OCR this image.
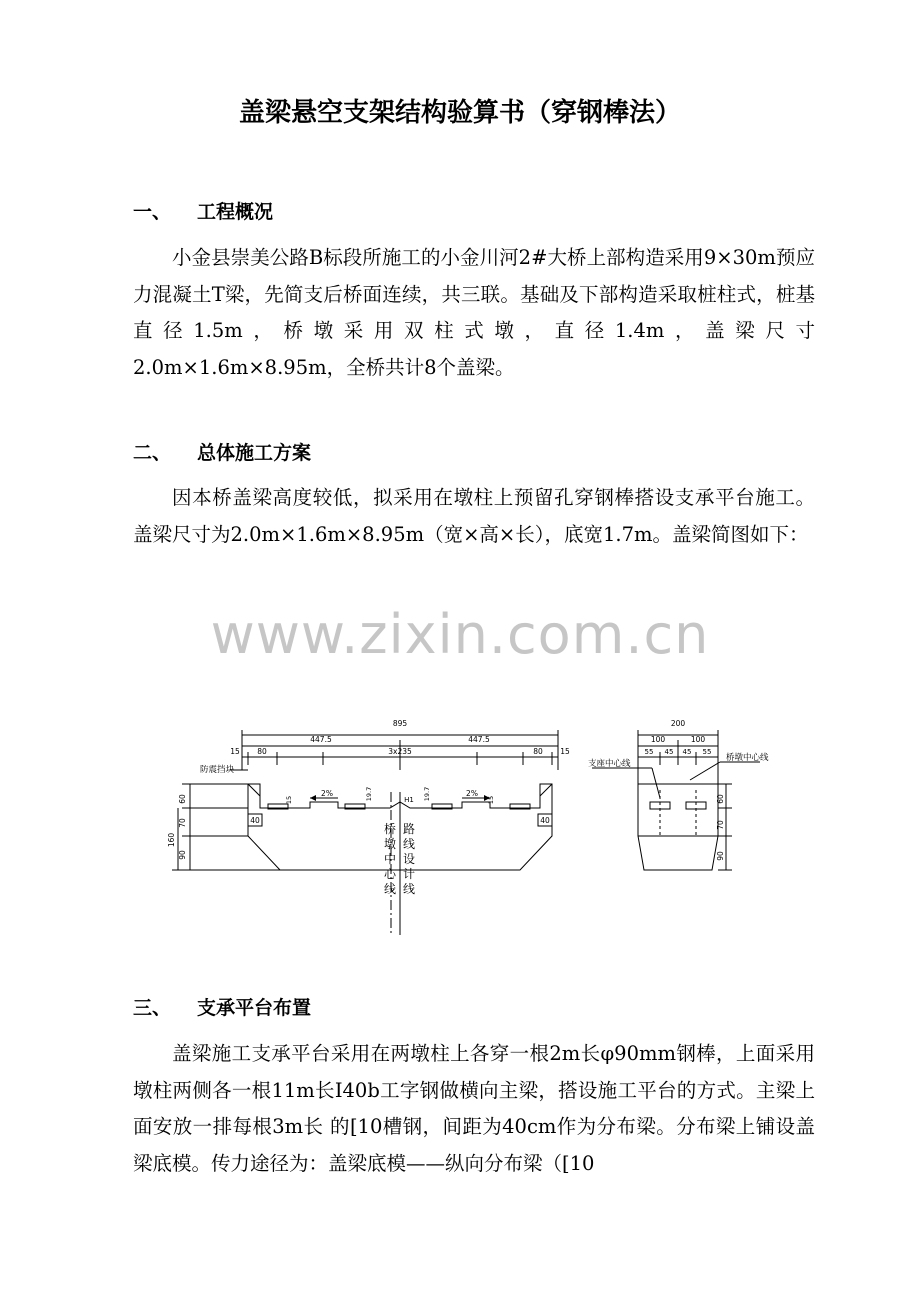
盖梁悬空支架结构验算书（穿钢棒法）
一、 工程概况
小金县崇美公路B标段所施工的小金川河2#大桥上部构造采用9×30m预应力混凝土T梁，先简支后桥面连续，共三联。基础及下部构造采取桩柱式，桩基直径1.5m，桥墩采用双柱式墩，直径1.4m，盖梁尺寸2.0m×1.6m×8.95m，全桥共计8个盖梁。
二、 总体施工方案
因本桥盖梁高度较低，拟采用在墩柱上预留孔穿钢棒搭设支承平台施工。盖梁尺寸为2.0m×1.6m×8.95m（宽×高×长），底宽1.7m。盖梁简图如下：
www.zixin.com.cn
895
447.5	447.5
15 80	3x235	80 15
防震挡块
60
70
90
160
40	40
2%	2%
15	15
19.7	19.7
H1
200
100	100
55 45 45 55
支座中心线
桥墩中心线
60
70
90
桥墩中心线
路线设计线
三、 支承平台布置
盖梁施工支承平台采用在两墩柱上各穿一根2m长φ90mm钢棒，上面采用墩柱两侧各一根11m长I40b工字钢做横向主梁，搭设施工平台的方式。主梁上面安放一排每根3m长 的[10槽钢，间距为40cm作为分布梁。分布梁上铺设盖梁底模。传力途径为：盖梁底模——纵向分布梁（[10
